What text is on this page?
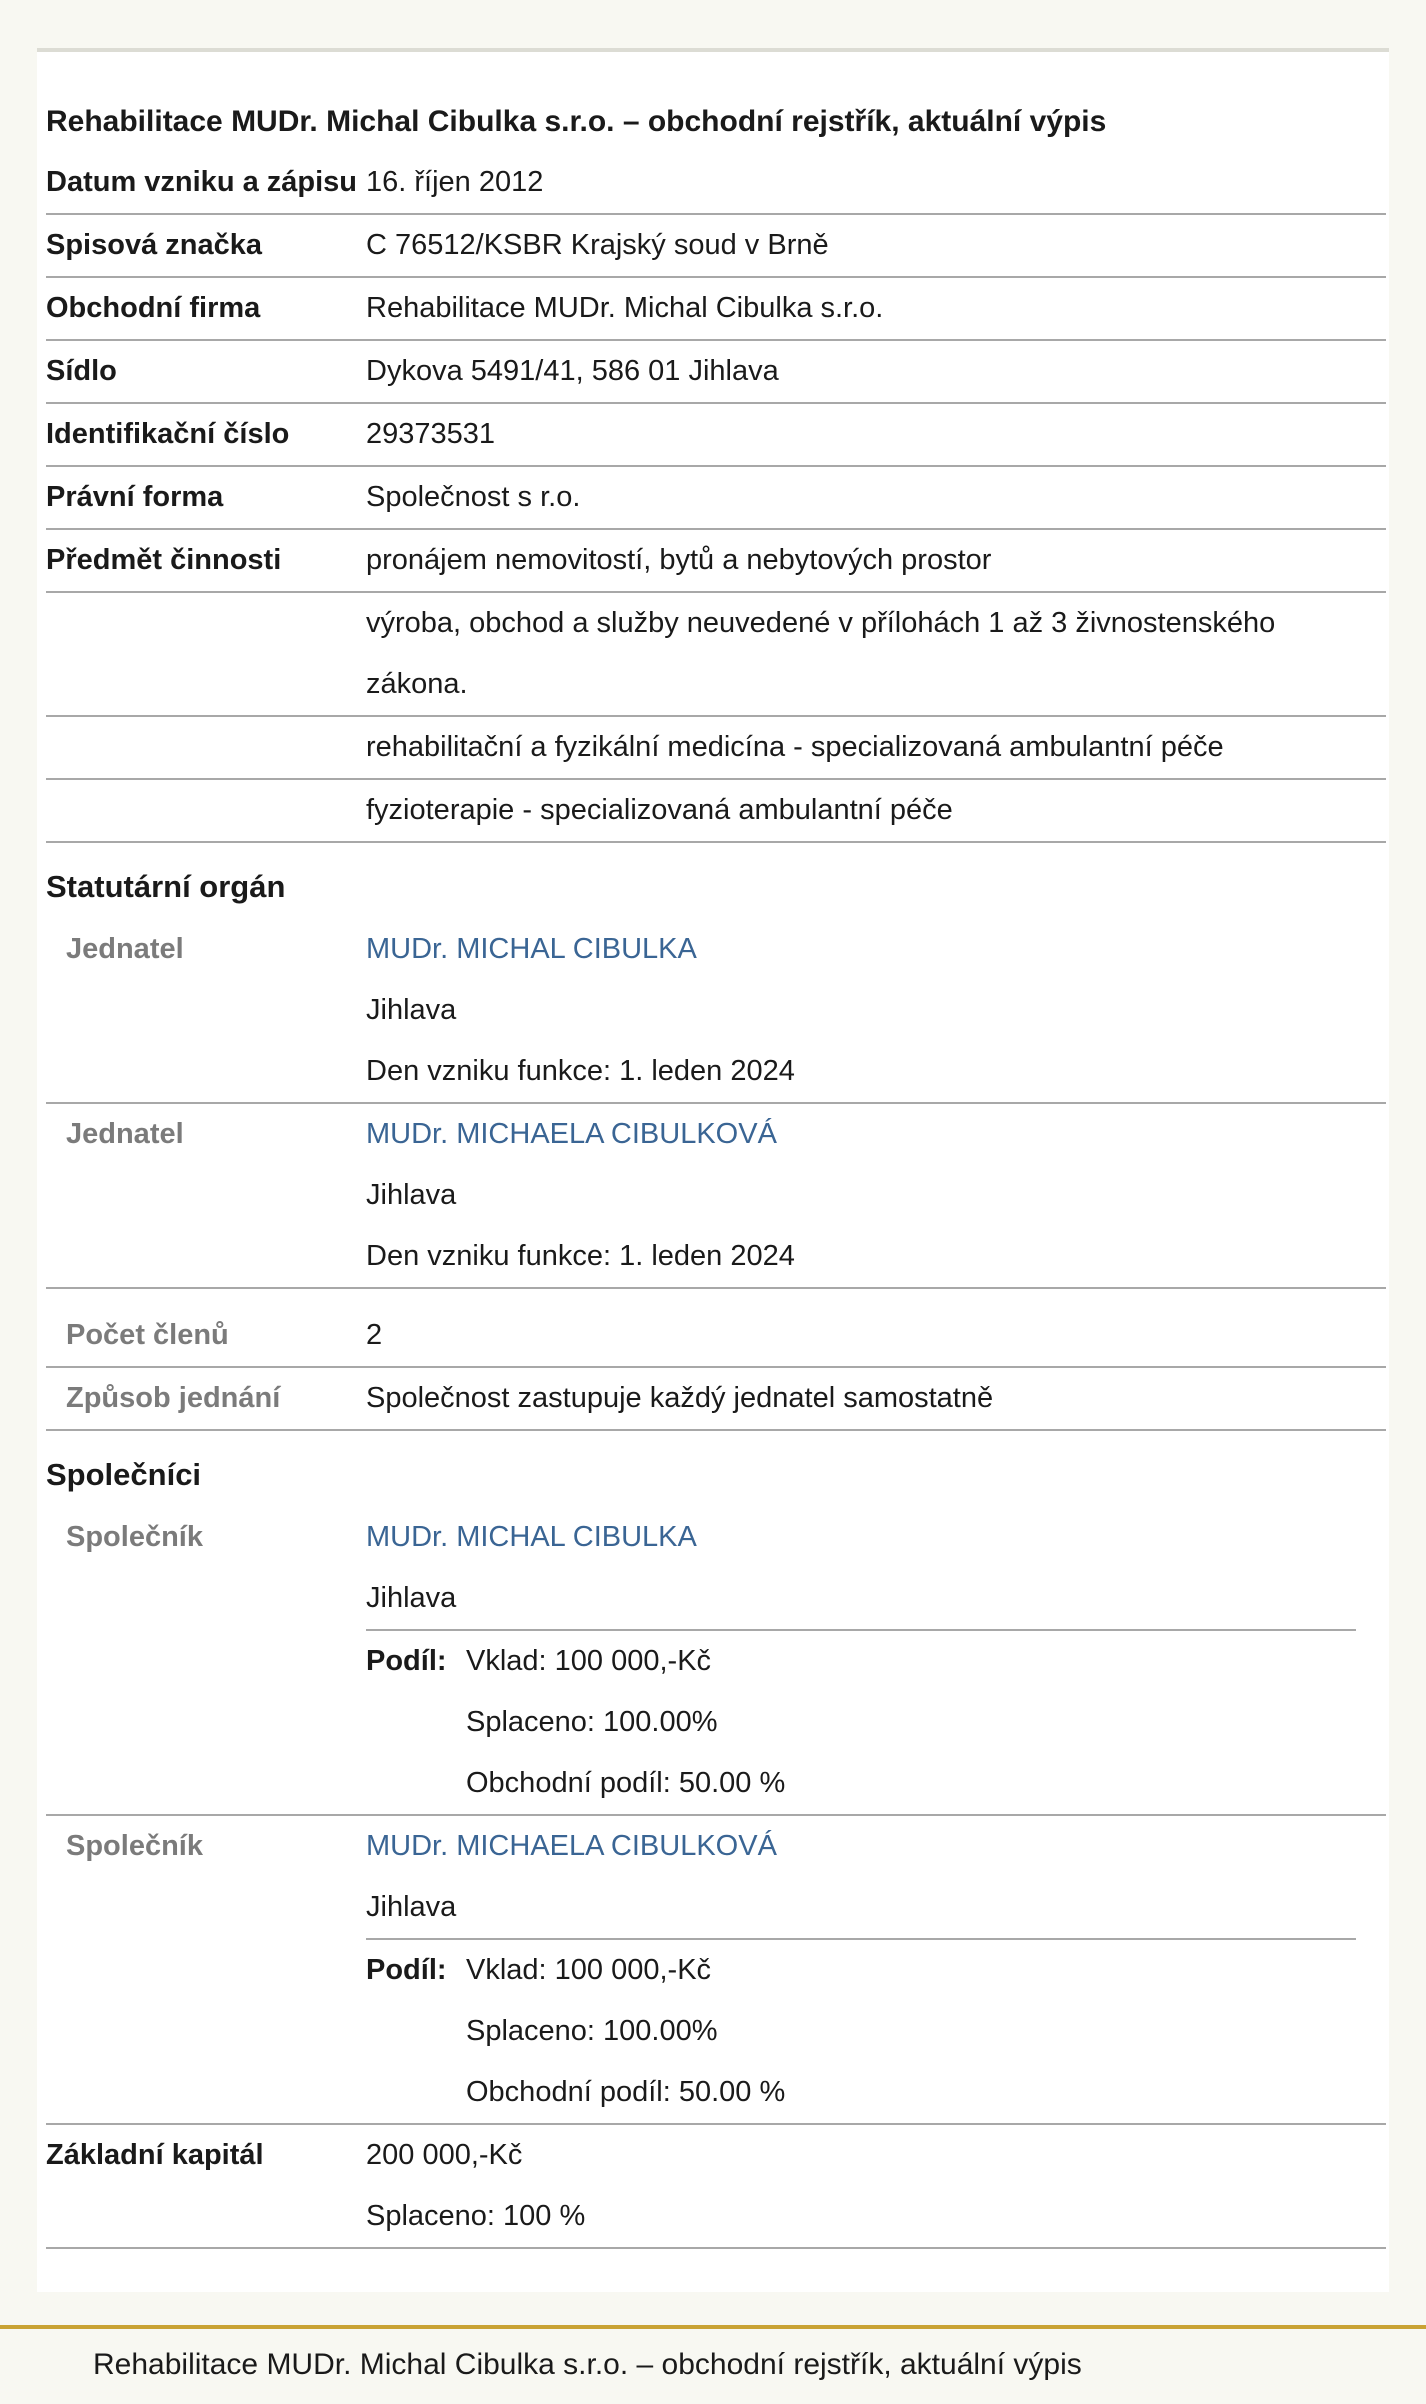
Rehabilitace MUDr. Michal Cibulka s.r.o. – obchodní rejstřík, aktuální výpis
Datum vzniku a zápisu 16. říjen 2012
Spisová značka	C 76512/KSBR Krajský soud v Brně
Obchodní firma	Rehabilitace MUDr. Michal Cibulka s.r.o.
Sídlo	Dykova 5491/41, 586 01 Jihlava
Identifikační číslo	29373531
Právní forma	Společnost s r.o.
Předmět činnosti	pronájem nemovitostí, bytů a nebytových prostor
výroba, obchod a služby neuvedené v přílohách 1 až 3 živnostenského zákona.
rehabilitační a fyzikální medicína - specializovaná ambulantní péče
fyzioterapie - specializovaná ambulantní péče
Statutární orgán
Jednatel	MUDr. MICHAL CIBULKA
Jihlava
Den vzniku funkce: 1. leden 2024
Jednatel	MUDr. MICHAELA CIBULKOVÁ
Jihlava
Den vzniku funkce: 1. leden 2024
Počet členů	2
Způsob jednání	Společnost zastupuje každý jednatel samostatně
Společníci
Společník	MUDr. MICHAL CIBULKA
Jihlava
Podíl: Vklad: 100 000,-Kč
Splaceno: 100.00%
Obchodní podíl: 50.00 %
Společník	MUDr. MICHAELA CIBULKOVÁ
Jihlava
Podíl: Vklad: 100 000,-Kč
Splaceno: 100.00%
Obchodní podíl: 50.00 %
Základní kapitál	200 000,-Kč
Splaceno: 100 %
Rehabilitace MUDr. Michal Cibulka s.r.o. – obchodní rejstřík, aktuální výpis
